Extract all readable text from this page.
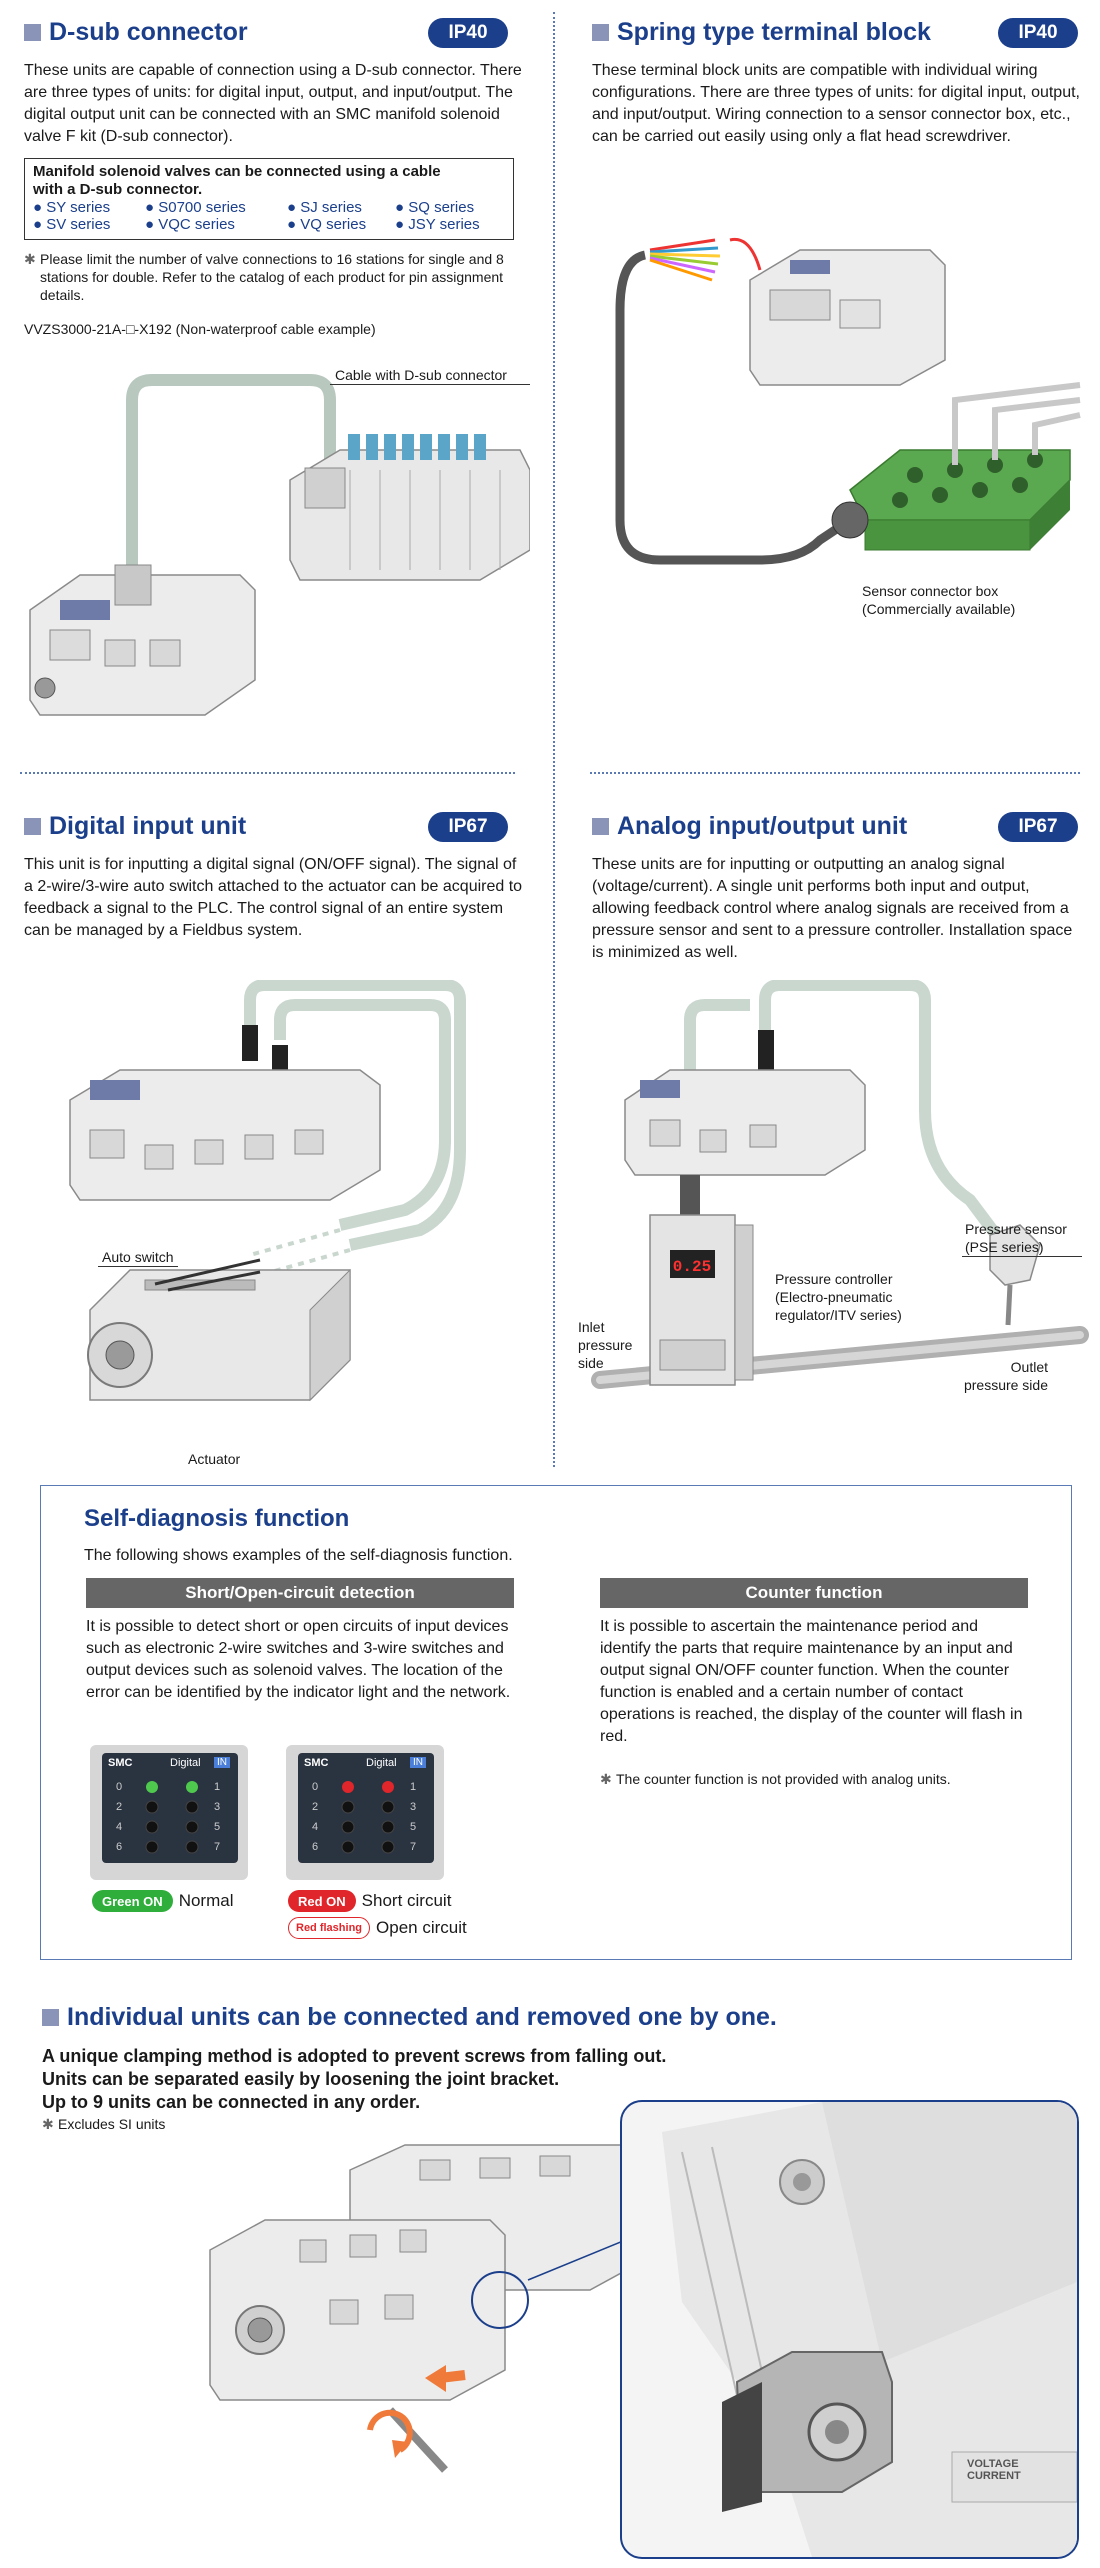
D-sub connector	IP40
These units are capable of connection using a D-sub connector. There are three types of units: for digital input, output, and input/output. The digital output unit can be connected with an SMC manifold solenoid valve F kit (D-sub connector).
Manifold solenoid valves can be connected using a cable
with a D-sub connector.
● SY series	● S0700 series	● SJ series	● SQ series
● SV series	● VQC series	● VQ series	● JSY series
✱ Please limit the number of valve connections to 16 stations for single and 8 stations for double. Refer to the catalog of each product for pin assignment details.
VVZS3000-21A-□-X192 (Non-waterproof cable example)
Cable with D-sub connector
Spring type terminal block	IP40
These terminal block units are compatible with individual wiring configurations. There are three types of units: for digital input, output, and input/output. Wiring connection to a sensor connector box, etc., can be carried out easily using only a flat head screwdriver.
Sensor connector box
(Commercially available)
Digital input unit	IP67
This unit is for inputting a digital signal (ON/OFF signal). The signal of a 2-wire/3-wire auto switch attached to the actuator can be acquired to feedback a signal to the PLC. The control signal of an entire system can be managed by a Fieldbus system.
Auto switch
Actuator
Analog input/output unit	IP67
These units are for inputting or outputting an analog signal (voltage/current). A single unit performs both input and output, allowing feedback control where analog signals are received from a pressure sensor and sent to a pressure controller. Installation space is minimized as well.
0.25
Pressure sensor
(PSE series)
Pressure controller
(Electro-pneumatic
regulator/ITV series)
Inlet
pressure
side	Outlet
pressure side
Self-diagnosis function
The following shows examples of the self-diagnosis function.
Short/Open-circuit detection
It is possible to detect short or open circuits of input devices such as electronic 2-wire switches and 3-wire switches and output devices such as solenoid valves. The location of the error can be identified by the indicator light and the network.
Counter function
It is possible to ascertain the maintenance period and identify the parts that require maintenance by an input and output signal ON/OFF counter function. When the counter function is enabled and a certain number of contact operations is reached, the display of the counter will flash in red.
✱ The counter function is not provided with analog units.
SMC	Digital	IN
0
2
4
6
1
3
5
7
SMC	Digital	IN
0
2
4
6
1
3
5
7
Green ON Normal	Red ON Short circuit
Red flashing Open circuit
Individual units can be connected and removed one by one.
A unique clamping method is adopted to prevent screws from falling out.
Units can be separated easily by loosening the joint bracket.
Up to 9 units can be connected in any order.
✱ Excludes SI units
VOLTAGE
CURRENT
